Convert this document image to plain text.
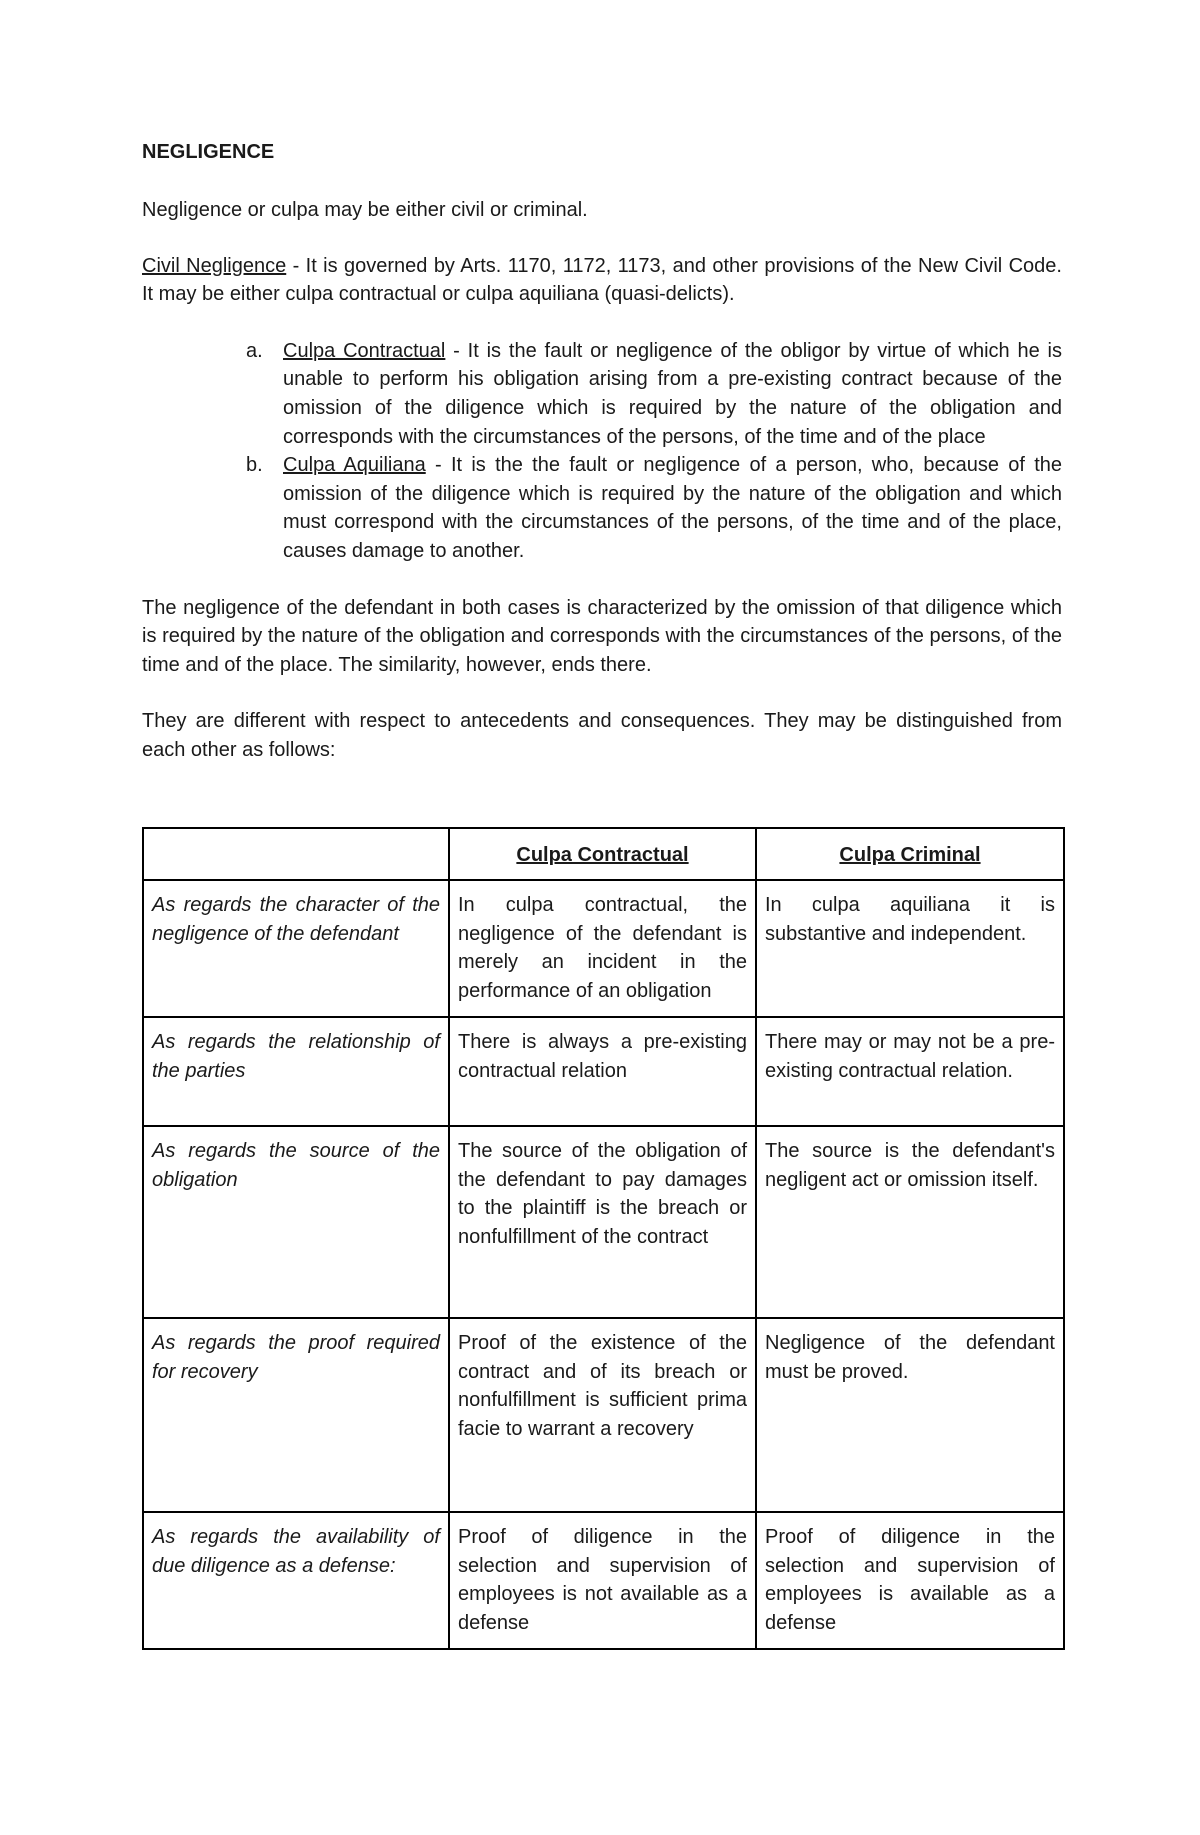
NEGLIGENCE

Negligence or culpa may be either civil or criminal.

Civil Negligence - It is governed by Arts. 1170, 1172, 1173, and other provisions of the New Civil Code. It may be either culpa contractual or culpa aquiliana (quasi-delicts).

a. Culpa Contractual - It is the fault or negligence of the obligor by virtue of which he is unable to perform his obligation arising from a pre-existing contract because of the omission of the diligence which is required by the nature of the obligation and corresponds with the circumstances of the persons, of the time and of the place
b. Culpa Aquiliana - It is the the fault or negligence of a person, who, because of the omission of the diligence which is required by the nature of the obligation and which must correspond with the circumstances of the persons, of the time and of the place, causes damage to another.

The negligence of the defendant in both cases is characterized by the omission of that diligence which is required by the nature of the obligation and corresponds with the circumstances of the persons, of the time and of the place. The similarity, however, ends there.

They are different with respect to antecedents and consequences. They may be distinguished from each other as follows:

	Culpa Contractual	Culpa Criminal
As regards the character of the negligence of the defendant	In culpa contractual, the negligence of the defendant is merely an incident in the performance of an obligation	In culpa aquiliana it is substantive and independent.
As regards the relationship of the parties	There is always a pre-existing contractual relation	There may or may not be a pre-existing contractual relation.
As regards the source of the obligation	The source of the obligation of the defendant to pay damages to the plaintiff is the breach or nonfulfillment of the contract	The source is the defendant's negligent act or omission itself.
As regards the proof required for recovery	Proof of the existence of the contract and of its breach or nonfulfillment is sufficient prima facie to warrant a recovery	Negligence of the defendant must be proved.
As regards the availability of due diligence as a defense:	Proof of diligence in the selection and supervision of employees is not available as a defense	Proof of diligence in the selection and supervision of employees is available as a defense
